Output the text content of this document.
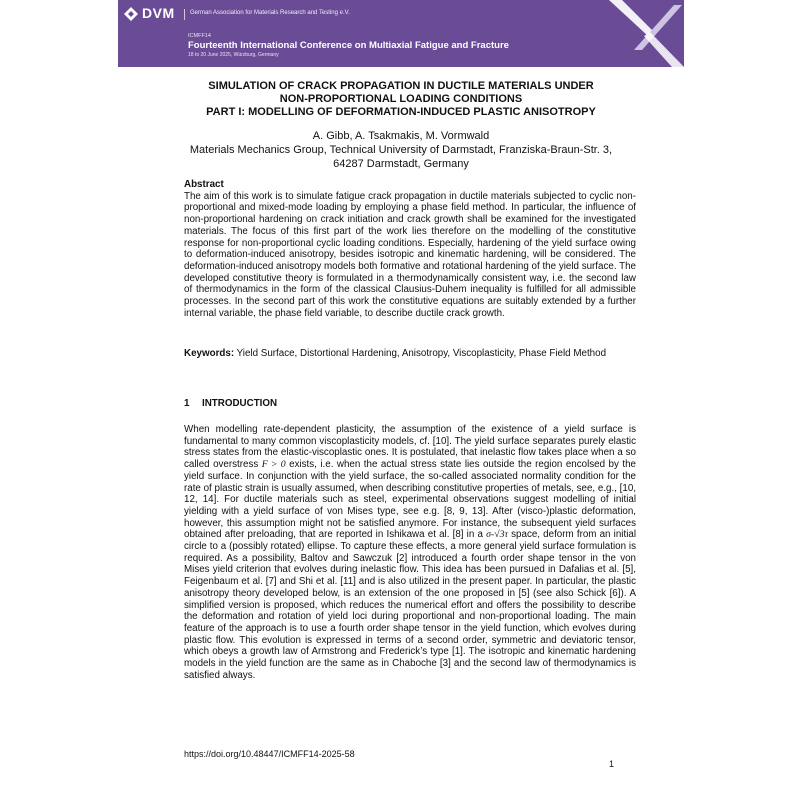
DVM	German Association for Materials Research and Testing e.V.
ICMFF14
Fourteenth International Conference on Multiaxial Fatigue and Fracture
18 to 20 June 2025, Würzburg, Germany
SIMULATION OF CRACK PROPAGATION IN DUCTILE MATERIALS UNDER
NON-PROPORTIONAL LOADING CONDITIONS
PART I: MODELLING OF DEFORMATION-INDUCED PLASTIC ANISOTROPY
A. Gibb, A. Tsakmakis, M. Vormwald
Materials Mechanics Group, Technical University of Darmstadt, Franziska-Braun-Str. 3,
64287 Darmstadt, Germany
Abstract

The aim of this work is to simulate fatigue crack propagation in ductile materials subjected to cyclic non-proportional and mixed-mode loading by employing a phase field method. In particular, the influence of non-proportional hardening on crack initiation and crack growth shall be examined for the investigated materials. The focus of this first part of the work lies therefore on the modelling of the constitutive response for non-proportional cyclic loading conditions. Especially, hardening of the yield surface owing to deformation-induced anisotropy, besides isotropic and kinematic hardening, will be considered. The deformation-induced anisotropy models both formative and rotational hardening of the yield surface. The developed constitutive theory is formulated in a thermodynamically consistent way, i.e. the second law of thermodynamics in the form of the classical Clausius-Duhem inequality is fulfilled for all admissible processes. In the second part of this work the constitutive equations are suitably extended by a further internal variable, the phase field variable, to describe ductile crack growth.

Keywords: Yield Surface, Distortional Hardening, Anisotropy, Viscoplasticity, Phase Field Method

1 INTRODUCTION

When modelling rate-dependent plasticity, the assumption of the existence of a yield surface is fundamental to many common viscoplasticity models, cf. [10]. The yield surface separates purely elastic stress states from the elastic-viscoplastic ones. It is postulated, that inelastic flow takes place when a so called overstress F > 0 exists, i.e. when the actual stress state lies outside the region encolsed by the yield surface. In conjunction with the yield surface, the so-called associated normality condition for the rate of plastic strain is usually assumed, when describing constitutive properties of metals, see, e.g., [10, 12, 14]. For ductile materials such as steel, experimental observations suggest modelling of initial yielding with a yield surface of von Mises type, see e.g. [8, 9, 13]. After (visco-)plastic deformation, however, this assumption might not be satisfied anymore. For instance, the subsequent yield surfaces obtained after preloading, that are reported in Ishikawa et al. [8] in a σ-√3τ space, deform from an initial circle to a (possibly rotated) ellipse. To capture these effects, a more general yield surface formulation is required. As a possibility, Baltov and Sawczuk [2] introduced a fourth order shape tensor in the von Mises yield criterion that evolves during inelastic flow. This idea has been pursued in Dafalias et al. [5], Feigenbaum et al. [7] and Shi et al. [11] and is also utilized in the present paper. In particular, the plastic anisotropy theory developed below, is an extension of the one proposed in [5] (see also Schick [6]). A simplified version is proposed, which reduces the numerical effort and offers the possibility to describe the deformation and rotation of yield loci during proportional and non-proportional loading. The main feature of the approach is to use a fourth order shape tensor in the yield function, which evolves during plastic flow. This evolution is expressed in terms of a second order, symmetric and deviatoric tensor, which obeys a growth law of Armstrong and Frederick’s type [1]. The isotropic and kinematic hardening models in the yield function are the same as in Chaboche [3] and the second law of thermodynamics is satisfied always.

https://doi.org/10.48447/ICMFF14-2025-58
1
